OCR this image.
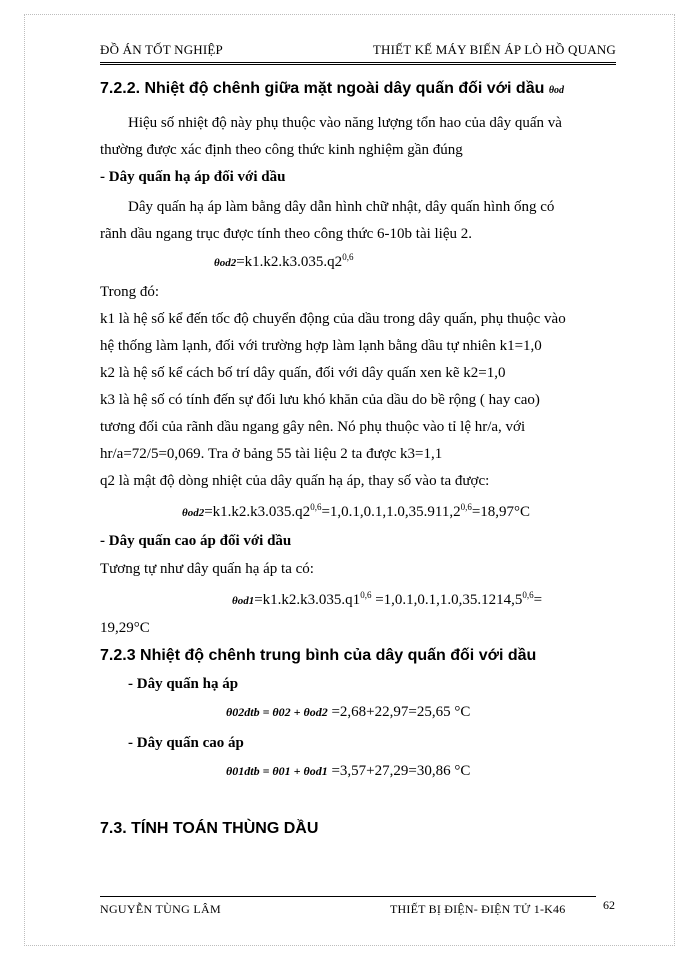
ĐỒ ÁN TỐT NGHIỆP	THIẾT KẾ MÁY BIẾN ÁP LÒ HỒ QUANG
7.2.2. Nhiệt độ chênh giữa mặt ngoài dây quấn đối với dầu θod
Hiệu số nhiệt độ này phụ thuộc vào năng lượng tổn hao của dây quấn và
thường được xác định theo công thức kinh nghiệm gần đúng
- Dây quấn hạ áp đối với dầu
Dây quấn hạ áp làm bằng dây dẫn hình chữ nhật, dây quấn hình ống có
rãnh dầu ngang trục được tính theo công thức 6-10b tài liệu 2.
$\theta od2=k1.k2.k3.035.q2^{0,6}$
Trong đó:
k1 là hệ số kể đến tốc độ chuyển động của dầu trong dây quấn, phụ thuộc vào
hệ thống làm lạnh, đối với trường hợp làm lạnh bằng dầu tự nhiên k1=1,0
k2 là hệ số kể cách bố trí dây quấn, đối với dây quấn xen kẽ k2=1,0
k3 là hệ số có tính đến sự đối lưu khó khăn của dầu do bề rộng ( hay cao)
tương đối của rãnh dầu ngang gây nên. Nó phụ thuộc vào tỉ lệ hr/a, với
hr/a=72/5=0,069. Tra ở bảng 55 tài liệu 2 ta được k3=1,1
q2 là mật độ dòng nhiệt của dây quấn hạ áp, thay số vào ta được:
$\theta od2=k1.k2.k3.035.q2^{0,6}=1,0.1,0.1,1.0,35.911,2^{0,6}=18,97^\circ C$
- Dây quấn cao áp đối với dầu
Tương tự như dây quấn hạ áp ta có:
$\theta od1=k1.k2.k3.035.q1^{0,6} =1,0.1,0.1,1.0,35.1214,5^{0,6}=$
19,29°C
7.2.3 Nhiệt độ chênh trung bình của dây quấn đối với dầu
- Dây quấn hạ áp
θ02dtb = θ02 + θod2 =2,68+22,97=25,65 °C
- Dây quấn cao áp
θ01dtb = θ01 + θod1 =3,57+27,29=30,86 °C
7.3. TÍNH TOÁN THÙNG DẦU
NGUYỄN TÙNG LÂM	THIẾT BỊ ĐIỆN- ĐIỆN TỬ 1-K46	62
